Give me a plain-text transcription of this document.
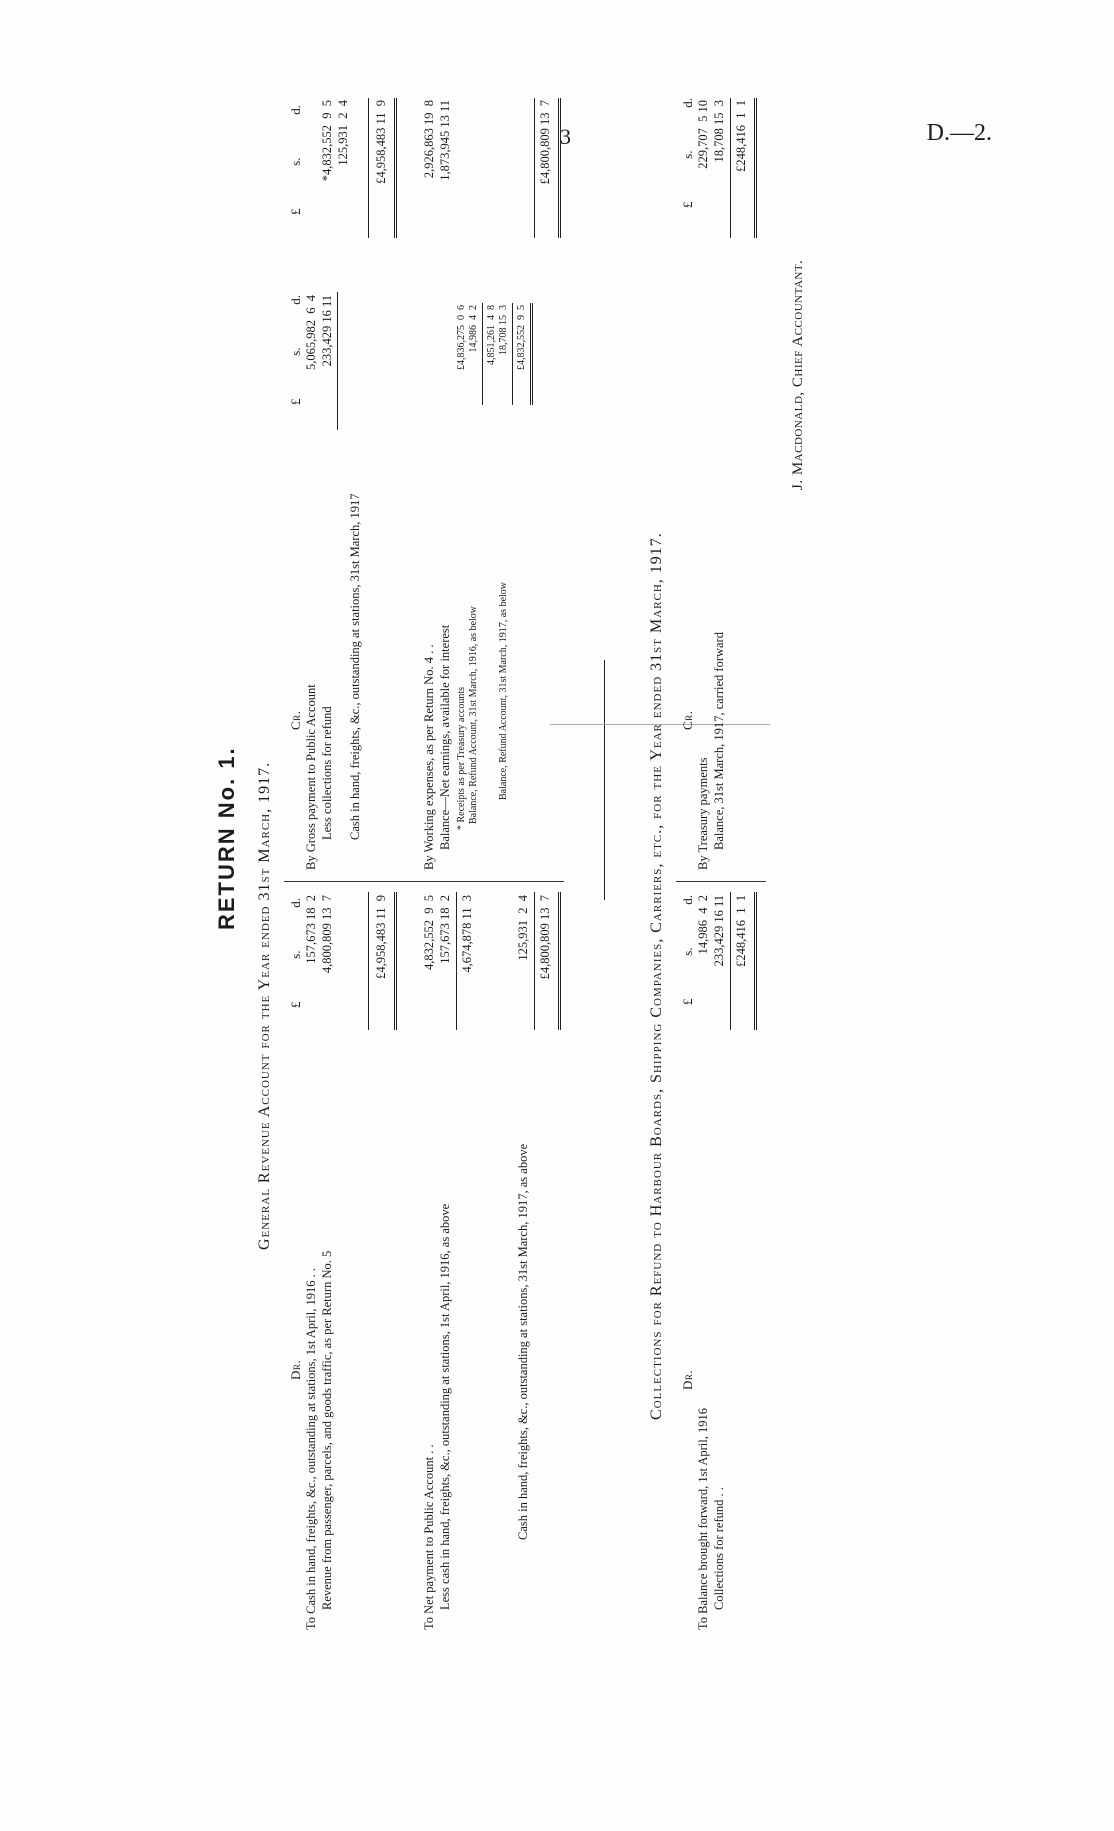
3	D.—2.
RETURN No. 1. General Revenue Account for the Year ended 31st March, 1917.
Dr.
£
s.
d.
To Cash in hand, freights, &c., outstanding at stations, 1st April, 1916 . .
157,673 18  2
Revenue from passenger, parcels, and goods traffic, as per Return No. 5
4,800,809 13  7	£4,958,483 11  9
To Net payment to Public Account . .
4,832,552  9  5
Less cash in hand, freights, &c., outstanding at stations, 1st April, 1916, as above
157,673 18  2 4,674,878 11  3
Cash in hand, freights, &c., outstanding at stations, 31st March, 1917, as above
125,931  2  4 £4,800,809 13  7
Cr.
£
s.
d.
£
s.
d.
By Gross payment to Public Account
5,065,982  6  4
Less collections for refund
233,429 16 11
*4,832,552  9  5
Cash in hand, freights, &c., outstanding at stations, 31st March, 1917
125,931  2  4 £4,958,483 11  9
By Working expenses, as per Return No. 4 . .
2,926,863 19  8
Balance—Net earnings, available for interest
1,873,945 13 11
* Receipts as per Treasury accounts
£4,836,275  0  6
Balance, Refund Account, 31st March, 1916, as below
14,986  4  2 4,851,261  4  8
Balance, Refund Account, 31st March, 1917, as below
18,708 15  3 £4,832,552  9  5
£4,800,809 13  7
Collections for Refund to Harbour Boards, Shipping Companies, Carriers, etc., for the Year ended 31st March, 1917. Dr.
£
s.
d.
To Balance brought forward, 1st April, 1916
14,986  4  2
Collections for refund . .
233,429 16 11 £248,416  1  1
Cr.
£
s.
d.
By Treasury payments
229,707  5 10
Balance, 31st March, 1917, carried forward
18,708 15  3 £248,416  1  1
J. Macdonald, Chief Accountant.
